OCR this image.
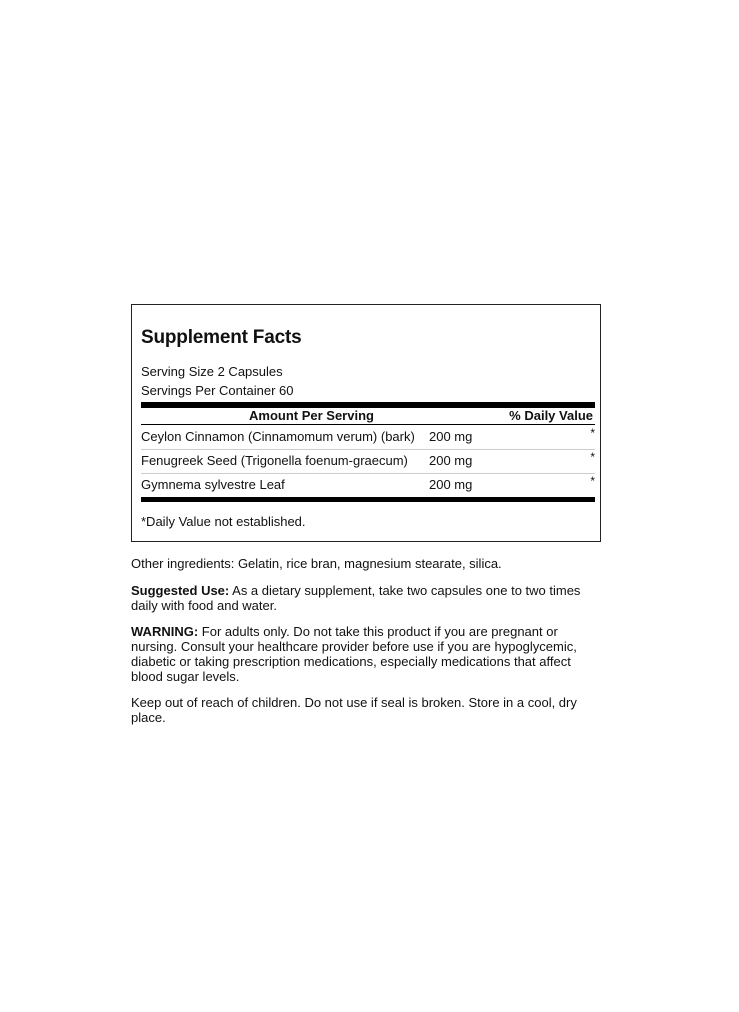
Supplement Facts
Serving Size 2 Capsules
Servings Per Container 60
Amount Per Serving	% Daily Value
Ceylon Cinnamon (Cinnamomum verum) (bark) 200 mg	*
Fenugreek Seed (Trigonella foenum-graecum) 200 mg	*
Gymnema sylvestre Leaf	200 mg	*
*Daily Value not established.
Other ingredients: Gelatin, rice bran, magnesium stearate, silica.
Suggested Use: As a dietary supplement, take two capsules one to two times daily with food and water.
WARNING: For adults only. Do not take this product if you are pregnant or nursing. Consult your healthcare provider before use if you are hypoglycemic, diabetic or taking prescription medications, especially medications that affect blood sugar levels.
Keep out of reach of children. Do not use if seal is broken. Store in a cool, dry place.
